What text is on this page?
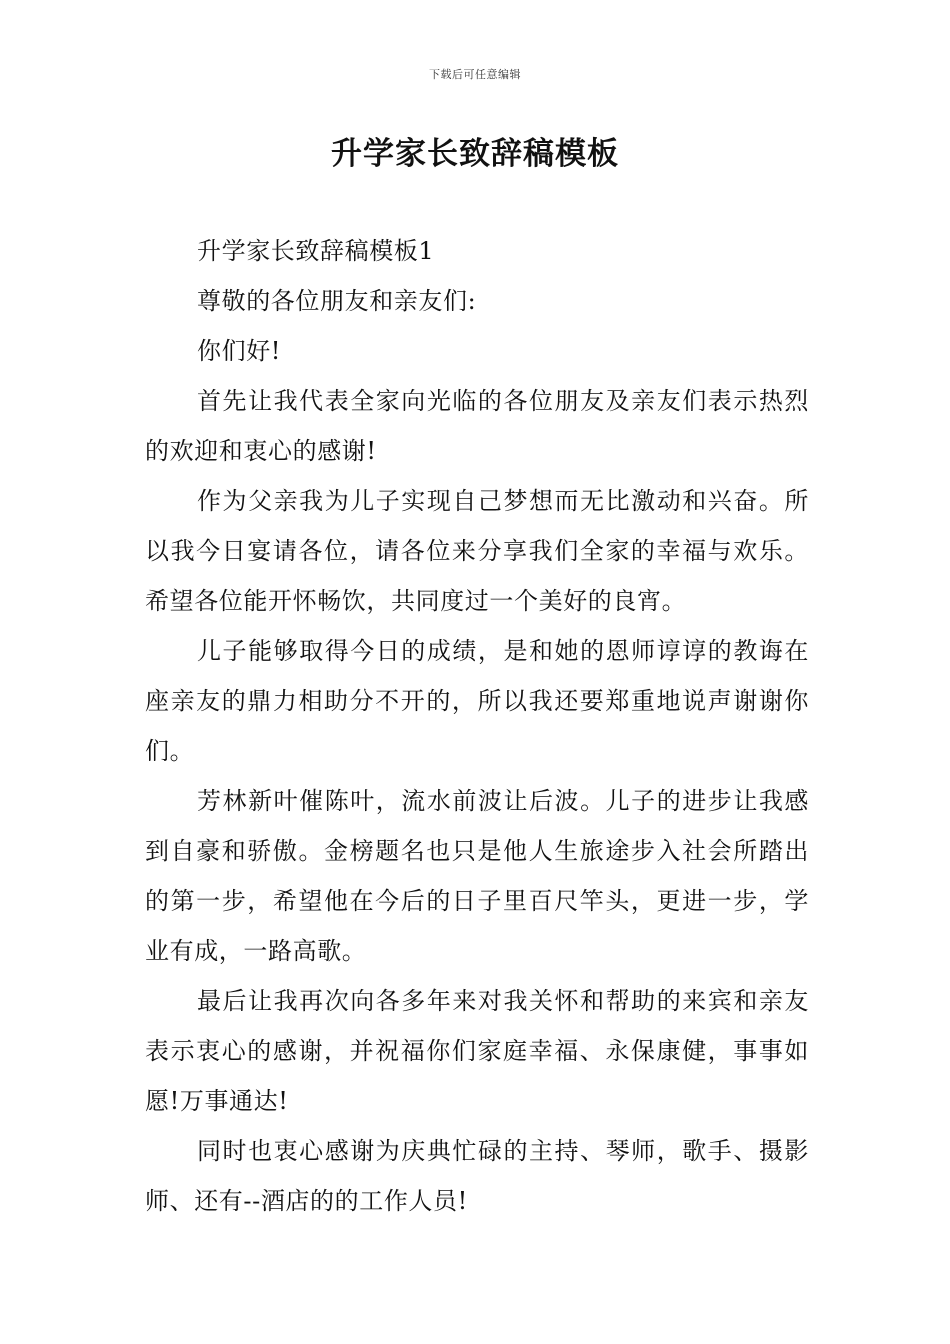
下载后可任意编辑
升学家长致辞稿模板

升学家长致辞稿模板1

尊敬的各位朋友和亲友们:

你们好!

首先让我代表全家向光临的各位朋友及亲友们表示热烈的欢迎和衷心的感谢!

作为父亲我为儿子实现自己梦想而无比激动和兴奋。所以我今日宴请各位，请各位来分享我们全家的幸福与欢乐。希望各位能开怀畅饮，共同度过一个美好的良宵。

儿子能够取得今日的成绩，是和她的恩师谆谆的教诲在座亲友的鼎力相助分不开的，所以我还要郑重地说声谢谢你们。

芳林新叶催陈叶，流水前波让后波。儿子的进步让我感到自豪和骄傲。金榜题名也只是他人生旅途步入社会所踏出的第一步，希望他在今后的日子里百尺竿头，更进一步，学业有成，一路高歌。

最后让我再次向各多年来对我关怀和帮助的来宾和亲友表示衷心的感谢，并祝福你们家庭幸福、永保康健，事事如愿!万事通达!

同时也衷心感谢为庆典忙碌的主持、琴师，歌手、摄影师、还有--酒店的的工作人员!
